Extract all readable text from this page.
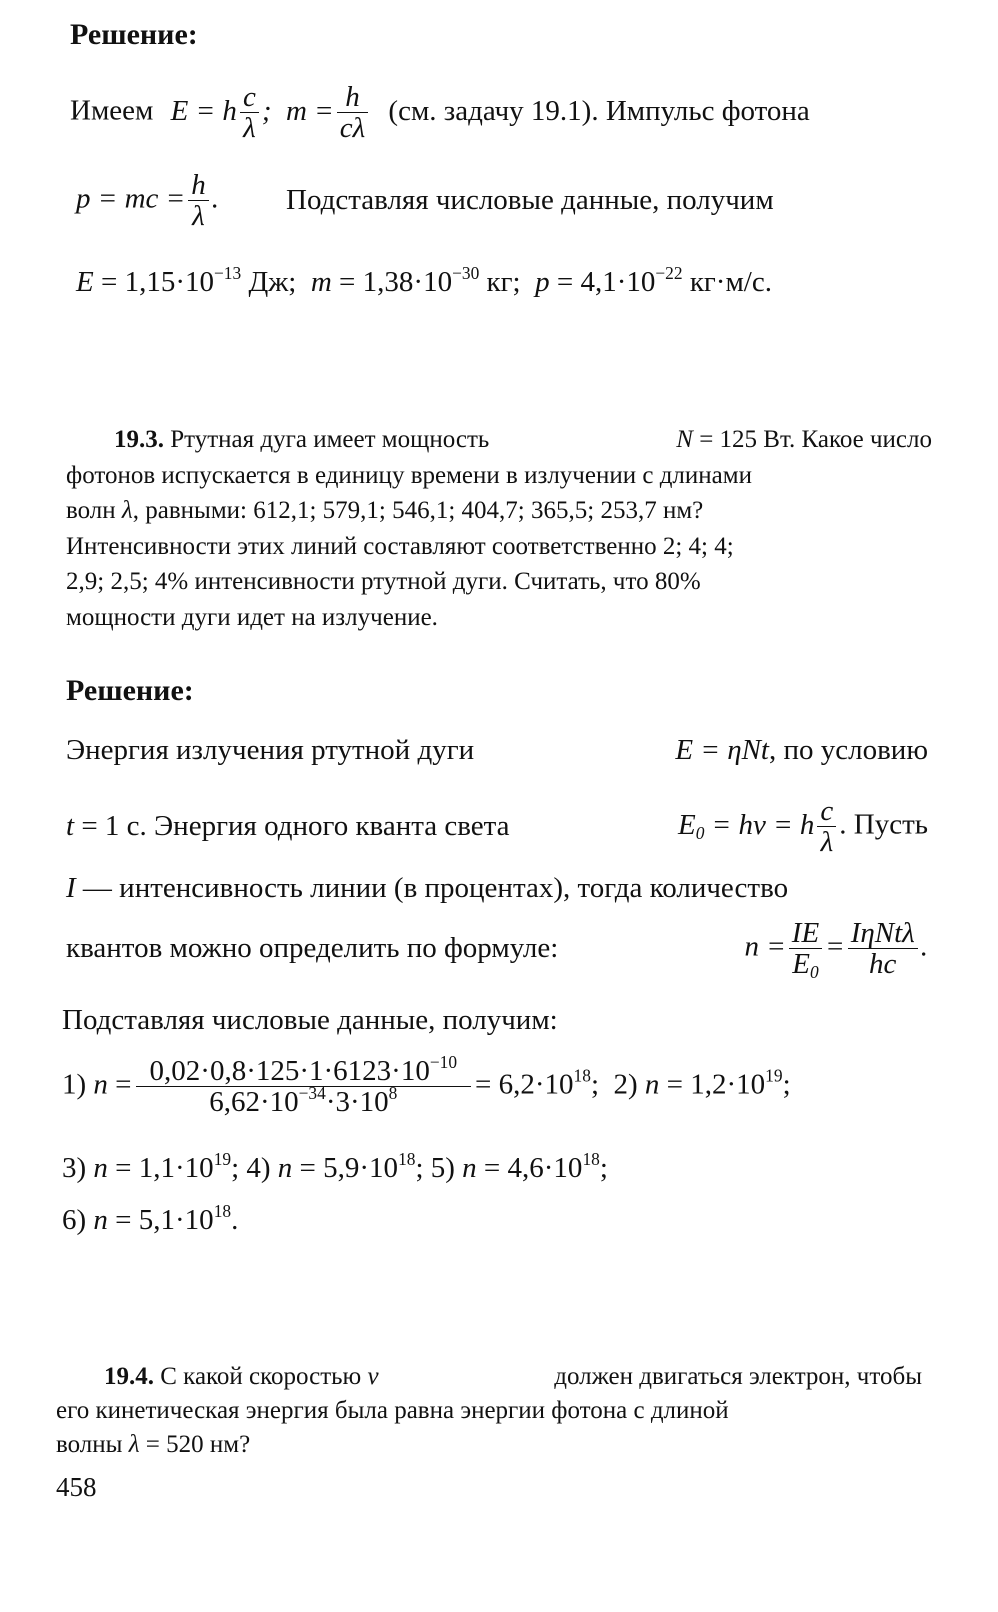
Решение:
Имеем E = h $\frac{c}{\lambda}$ ;  $m = \frac{h}{c\lambda} (см$. задачу 19.1). Импульс фотона
p = mc = $\frac{h}{\lambda}$ . Подставляя числовые данные, получим
$E = 1,15\cdot 10^{-13}$ Дж; $m = 1,38\cdot 10^{-30}$ кг; $p = 4,1\cdot 10^{-22}$ кг·м/с.
19.3. Ртутная дуга имеет мощность	N = 125 Вт. Какое число
фотонов испускается в единицу времени в излучении с длинами
волн λ, равными: 612,1; 579,1; 546,1; 404,7; 365,5; 253,7 нм?
Интенсивности этих линий составляют соответственно 2; 4; 4;
2,9; 2,5; 4% интенсивности ртутной дуги. Считать, что 80%
мощности дуги идет на излучение.
Решение:
Энергия излучения ртутной дуги	E = ηNt, по условию
t = 1 с. Энергия одного кванта света	$E_0 = h\nu = h \frac{c}{\lambda}$ . Пусть
I — интенсивность линии (в процентах), тогда количество
квантов можно определить по формуле:	$n = \frac{IE}{E_0} = \frac{\text{IηNtλ}}{hc}$ .
Подставляя числовые данные, получим:
1) $n = \frac{0,02\cdot 0,8\cdot 125\cdot 1\cdot 6123\cdot 10^{-10}}{6,62\cdot 10^{-34}\cdot 3\cdot 10^8} = 6,2\cdot 10^{18}$;  2) $n = 1,2\cdot 10^{19}$;
3) $n = 1,1\cdot 10^{19}$; 4) $n = 5,9\cdot 10^{18}$; 5) $n = 4,6\cdot 10^{18}$;
6) $n = 5,1\cdot 10^{18}$.
19.4. С какой скоростью v	должен двигаться электрон, чтобы
его кинетическая энергия была равна энергии фотона с длиной
волны λ = 520 нм?
458
